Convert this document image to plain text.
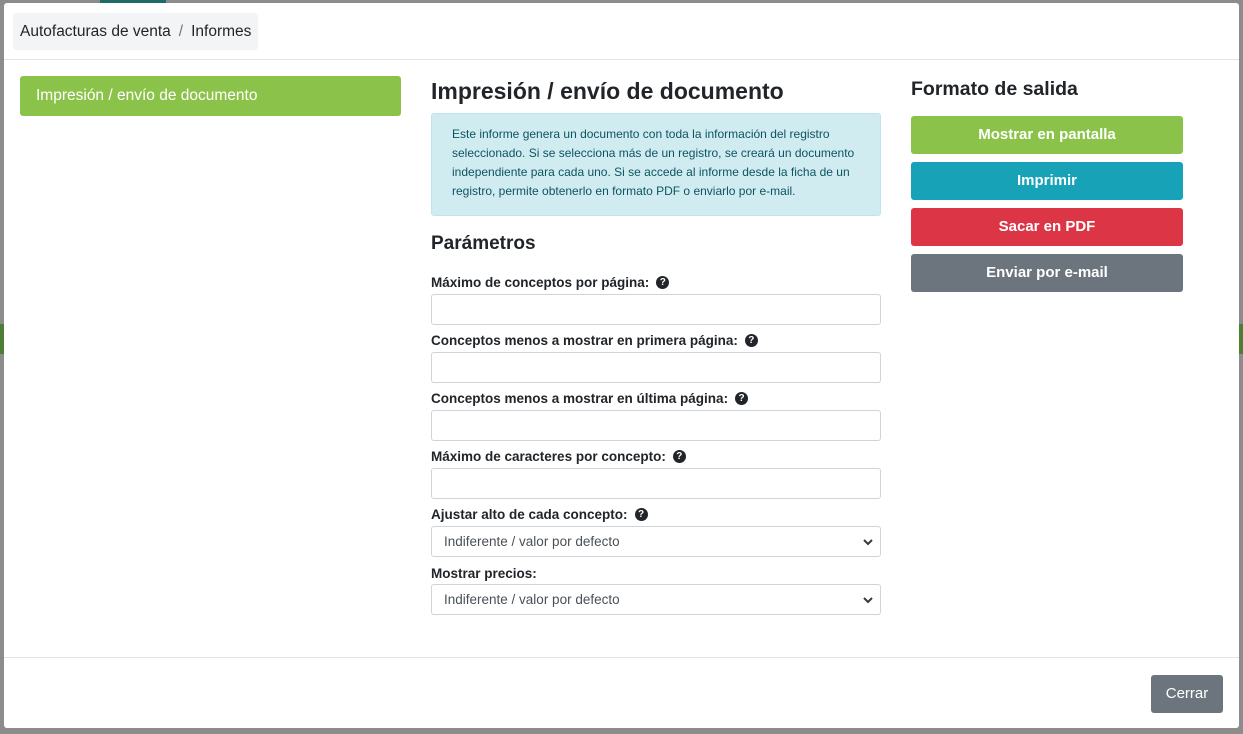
Autofacturas de venta / Informes
Impresión / envío de documento	Impresión / envío de documento
Este informe genera un documento con toda la información del registro seleccionado. Si se selecciona más de un registro, se creará un documento independiente para cada uno. Si se accede al informe desde la ficha de un registro, permite obtenerlo en formato PDF o enviarlo por e-mail.
Parámetros
Máximo de conceptos por página:	?
Conceptos menos a mostrar en primera página:	?
Conceptos menos a mostrar en última página:	?
Máximo de caracteres por concepto:	?
Ajustar alto de cada concepto:	?
Indiferente / valor por defecto
Mostrar precios:
Indiferente / valor por defecto
Formato de salida
Mostrar en pantalla
Imprimir
Sacar en PDF
Enviar por e-mail
Cerrar
